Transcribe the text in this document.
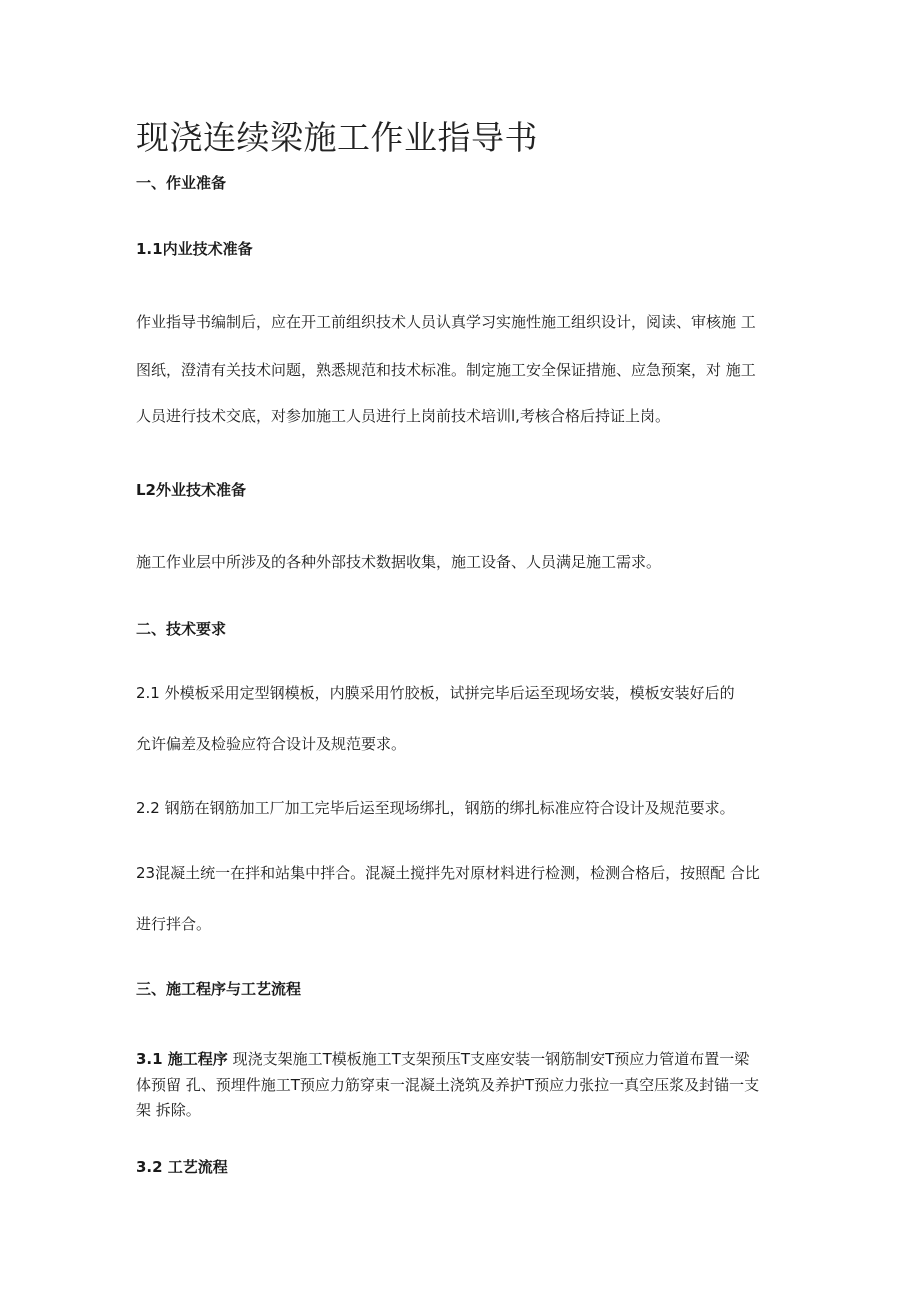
现浇连续梁施工作业指导书
一、作业准备
1.1内业技术准备
作业指导书编制后，应在开工前组织技术人员认真学习实施性施工组织设计，阅读、审核施 工
图纸，澄清有关技术问题，熟悉规范和技术标准。制定施工安全保证措施、应急预案，对 施工
人员进行技术交底，对参加施工人员进行上岗前技术培训l,考核合格后持证上岗。
L2外业技术准备
施工作业层中所涉及的各种外部技术数据收集，施工设备、人员满足施工需求。
二、技术要求
2.1 外模板采用定型钢模板，内膜采用竹胶板，试拼完毕后运至现场安装，模板安装好后的
允许偏差及检验应符合设计及规范要求。
2.2 钢筋在钢筋加工厂加工完毕后运至现场绑扎，钢筋的绑扎标准应符合设计及规范要求。
23混凝土统一在拌和站集中拌合。混凝土搅拌先对原材料进行检测，检测合格后，按照配 合比
进行拌合。
三、施工程序与工艺流程
3.1 施工程序 现浇支架施工T模板施工T支架预压T支座安装一钢筋制安T预应力管道布置一梁
体预留 孔、预埋件施工T预应力筋穿束一混凝土浇筑及养护T预应力张拉一真空压浆及封锚一支
架 拆除。
3.2 工艺流程
